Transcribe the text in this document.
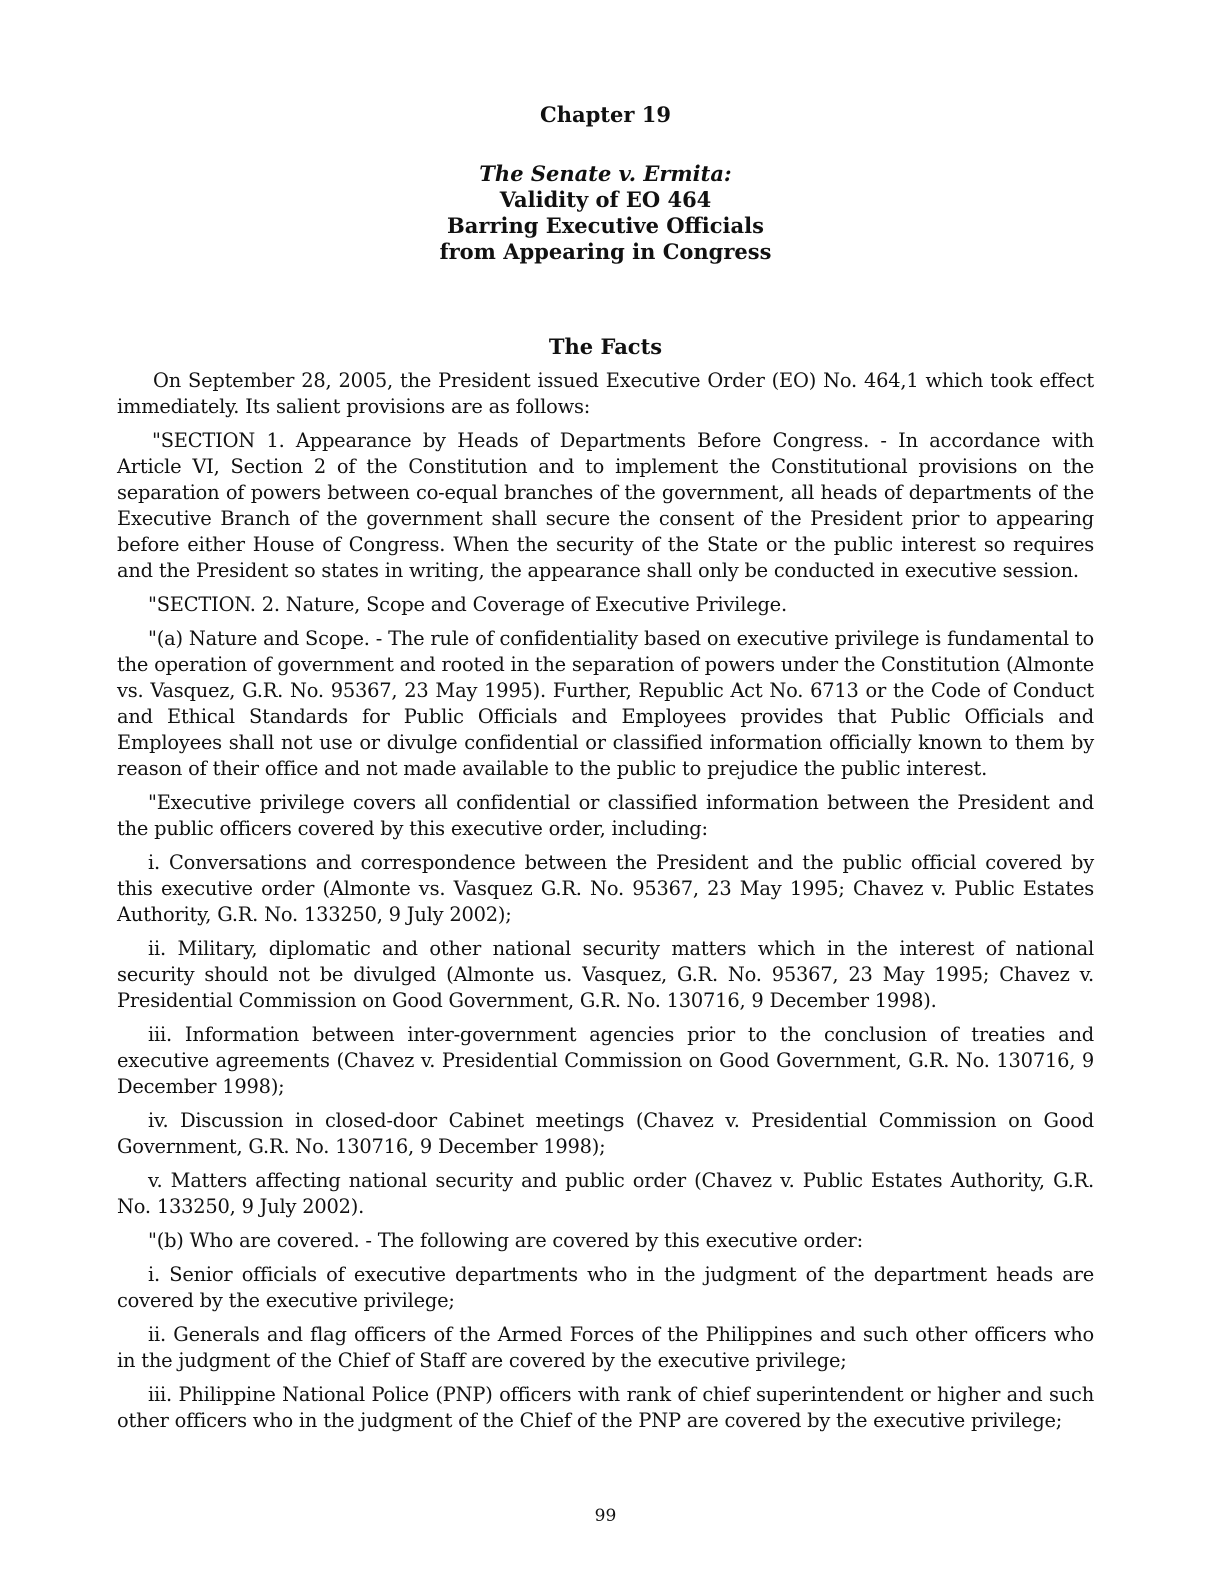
Chapter 19
The Senate v. Ermita:
Validity of EO 464
Barring Executive Officials
from Appearing in Congress
The Facts

On September 28, 2005, the President issued Executive Order (EO) No. 464,1 which took effect immediately. Its salient provisions are as follows:

"SECTION 1. Appearance by Heads of Departments Before Congress. - In accordance with Article VI, Section 2 of the Constitution and to implement the Constitutional provisions on the separation of powers between co-equal branches of the government, all heads of departments of the Executive Branch of the government shall secure the consent of the President prior to appearing before either House of Congress. When the security of the State or the public interest so requires and the President so states in writing, the appearance shall only be conducted in executive session.

"SECTION. 2. Nature, Scope and Coverage of Executive Privilege.

"(a) Nature and Scope. - The rule of confidentiality based on executive privilege is fundamental to the operation of government and rooted in the separation of powers under the Constitution (Almonte vs. Vasquez, G.R. No. 95367, 23 May 1995). Further, Republic Act No. 6713 or the Code of Conduct and Ethical Standards for Public Officials and Employees provides that Public Officials and Employees shall not use or divulge confidential or classified information officially known to them by reason of their office and not made available to the public to prejudice the public interest.

"Executive privilege covers all confidential or classified information between the President and the public officers covered by this executive order, including:

i. Conversations and correspondence between the President and the public official covered by this executive order (Almonte vs. Vasquez G.R. No. 95367, 23 May 1995; Chavez v. Public Estates Authority, G.R. No. 133250, 9 July 2002);

ii. Military, diplomatic and other national security matters which in the interest of national security should not be divulged (Almonte us. Vasquez, G.R. No. 95367, 23 May 1995; Chavez v. Presidential Commission on Good Government, G.R. No. 130716, 9 December 1998).

iii. Information between inter-government agencies prior to the conclusion of treaties and executive agreements (Chavez v. Presidential Commission on Good Government, G.R. No. 130716, 9 December 1998);

iv. Discussion in closed-door Cabinet meetings (Chavez v. Presidential Commission on Good Government, G.R. No. 130716, 9 December 1998);

v. Matters affecting national security and public order (Chavez v. Public Estates Authority, G.R. No. 133250, 9 July 2002).

"(b) Who are covered. - The following are covered by this executive order:

i. Senior officials of executive departments who in the judgment of the department heads are covered by the executive privilege;

ii. Generals and flag officers of the Armed Forces of the Philippines and such other officers who in the judgment of the Chief of Staff are covered by the executive privilege;

iii. Philippine National Police (PNP) officers with rank of chief superintendent or higher and such other officers who in the judgment of the Chief of the PNP are covered by the executive privilege;

99
